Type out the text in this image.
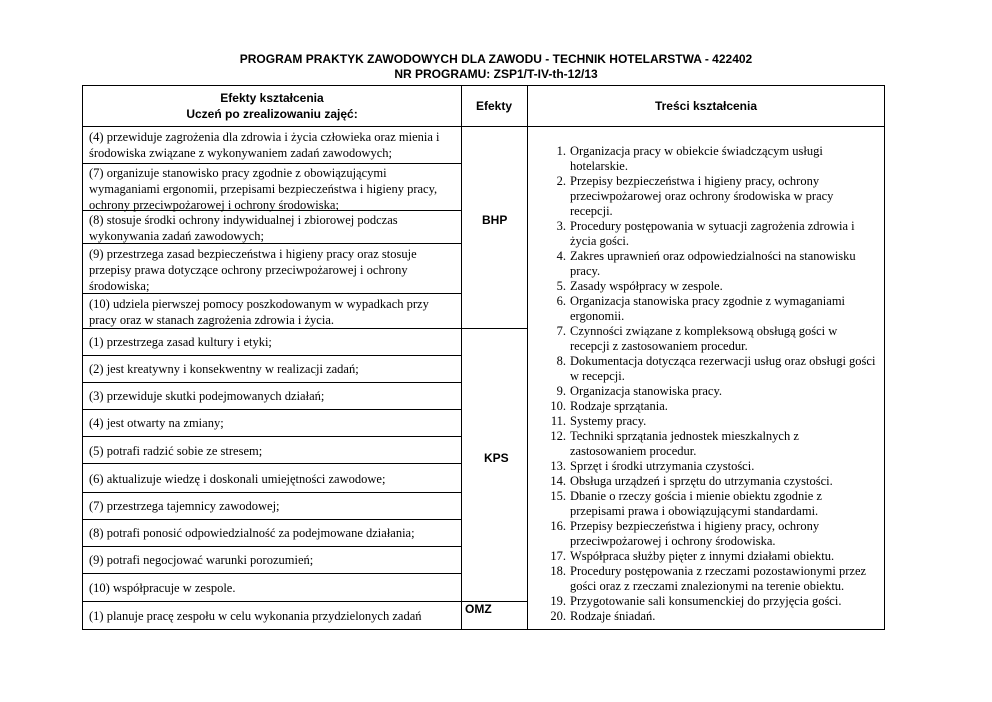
PROGRAM PRAKTYK ZAWODOWYCH DLA ZAWODU - TECHNIK HOTELARSTWA - 422402
NR PROGRAMU: ZSP1/T-IV-th-12/13
Efekty kształcenia
Uczeń po zrealizowaniu zajęć:
Efekty	Treści kształcenia
(4) przewiduje zagrożenia dla zdrowia i życia człowieka oraz mienia i środowiska związane z wykonywaniem zadań zawodowych;
(7) organizuje stanowisko pracy zgodnie z obowiązującymi wymaganiami ergonomii, przepisami bezpieczeństwa i higieny pracy, ochrony przeciwpożarowej i ochrony środowiska;
(8) stosuje środki ochrony indywidualnej i zbiorowej podczas wykonywania zadań zawodowych;
(9) przestrzega zasad bezpieczeństwa i higieny pracy oraz stosuje przepisy prawa dotyczące ochrony przeciwpożarowej i ochrony środowiska;
(10) udziela pierwszej pomocy poszkodowanym w wypadkach przy pracy oraz w stanach zagrożenia zdrowia i życia.
BHP
(1) przestrzega zasad kultury i etyki;
(2) jest kreatywny i konsekwentny w realizacji zadań;
(3) przewiduje skutki podejmowanych działań;
(4) jest otwarty na zmiany;
(5) potrafi radzić sobie ze stresem;
(6) aktualizuje wiedzę i doskonali umiejętności zawodowe;
(7) przestrzega tajemnicy zawodowej;
(8) potrafi ponosić odpowiedzialność za podejmowane działania;
(9) potrafi negocjować warunki porozumień;
(10) współpracuje w zespole.
KPS
(1) planuje pracę zespołu w celu wykonania przydzielonych zadań	OMZ
1 . Organizacja pracy w obiekcie świadczącym usługi hotelarskie.
2 . Przepisy bezpieczeństwa i higieny pracy, ochrony przeciwpożarowej oraz ochrony środowiska w pracy recepcji.
3 . Procedury postępowania w sytuacji zagrożenia zdrowia i życia gości.
4 . Zakres uprawnień oraz odpowiedzialności na stanowisku pracy.
5 . Zasady współpracy w zespole.
6 . Organizacja stanowiska pracy zgodnie z wymaganiami ergonomii.
7 . Czynności związane z kompleksową obsługą gości w recepcji z zastosowaniem procedur.
8 . Dokumentacja dotycząca rezerwacji usług oraz obsługi gości w recepcji.
9 . Organizacja stanowiska pracy.
10 . Rodzaje sprzątania.
11 . Systemy pracy.
12 . Techniki sprzątania jednostek mieszkalnych z zastosowaniem procedur.
13 . Sprzęt i środki utrzymania czystości.
14 . Obsługa urządzeń i sprzętu do utrzymania czystości.
15 . Dbanie o rzeczy gościa i mienie obiektu zgodnie z przepisami prawa i obowiązującymi standardami.
16 . Przepisy bezpieczeństwa i higieny pracy, ochrony przeciwpożarowej i ochrony środowiska.
17 . Współpraca służby pięter z innymi działami obiektu.
18 . Procedury postępowania z rzeczami pozostawionymi przez gości oraz z rzeczami znalezionymi na terenie obiektu.
19 . Przygotowanie sali konsumenckiej do przyjęcia gości.
20 . Rodzaje śniadań.
